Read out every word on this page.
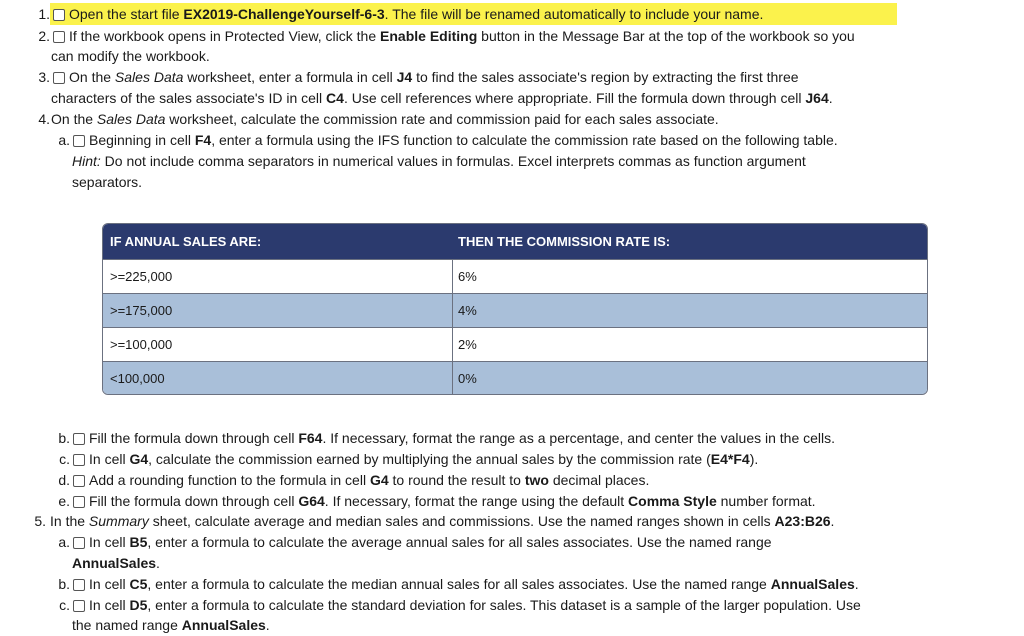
1.	Open the start file EX2019-ChallengeYourself-6-3. The file will be renamed automatically to include your name.
2.	If the workbook opens in Protected View, click the Enable Editing button in the Message Bar at the top of the workbook so you
can modify the workbook.
3.	On the Sales Data worksheet, enter a formula in cell J4 to find the sales associate's region by extracting the first three
characters of the sales associate's ID in cell C4. Use cell references where appropriate. Fill the formula down through cell J64.
4. On the Sales Data worksheet, calculate the commission rate and commission paid for each sales associate.
a.	Beginning in cell F4, enter a formula using the IFS function to calculate the commission rate based on the following table.
Hint: Do not include comma separators in numerical values in formulas. Excel interprets commas as function argument
separators.
IF ANNUAL SALES ARE:	THEN THE COMMISSION RATE IS:
>=225,000	6%
>=175,000	4%
>=100,000	2%
<100,000	0%
b.	Fill the formula down through cell F64. If necessary, format the range as a percentage, and center the values in the cells.
c.	In cell G4, calculate the commission earned by multiplying the annual sales by the commission rate (E4*F4).
d.	Add a rounding function to the formula in cell G4 to round the result to two decimal places.
e.	Fill the formula down through cell G64. If necessary, format the range using the default Comma Style number format.
5. In the Summary sheet, calculate average and median sales and commissions. Use the named ranges shown in cells A23:B26.
a.	In cell B5, enter a formula to calculate the average annual sales for all sales associates. Use the named range
AnnualSales.
b.	In cell C5, enter a formula to calculate the median annual sales for all sales associates. Use the named range AnnualSales.
c.	In cell D5, enter a formula to calculate the standard deviation for sales. This dataset is a sample of the larger population. Use
the named range AnnualSales.
